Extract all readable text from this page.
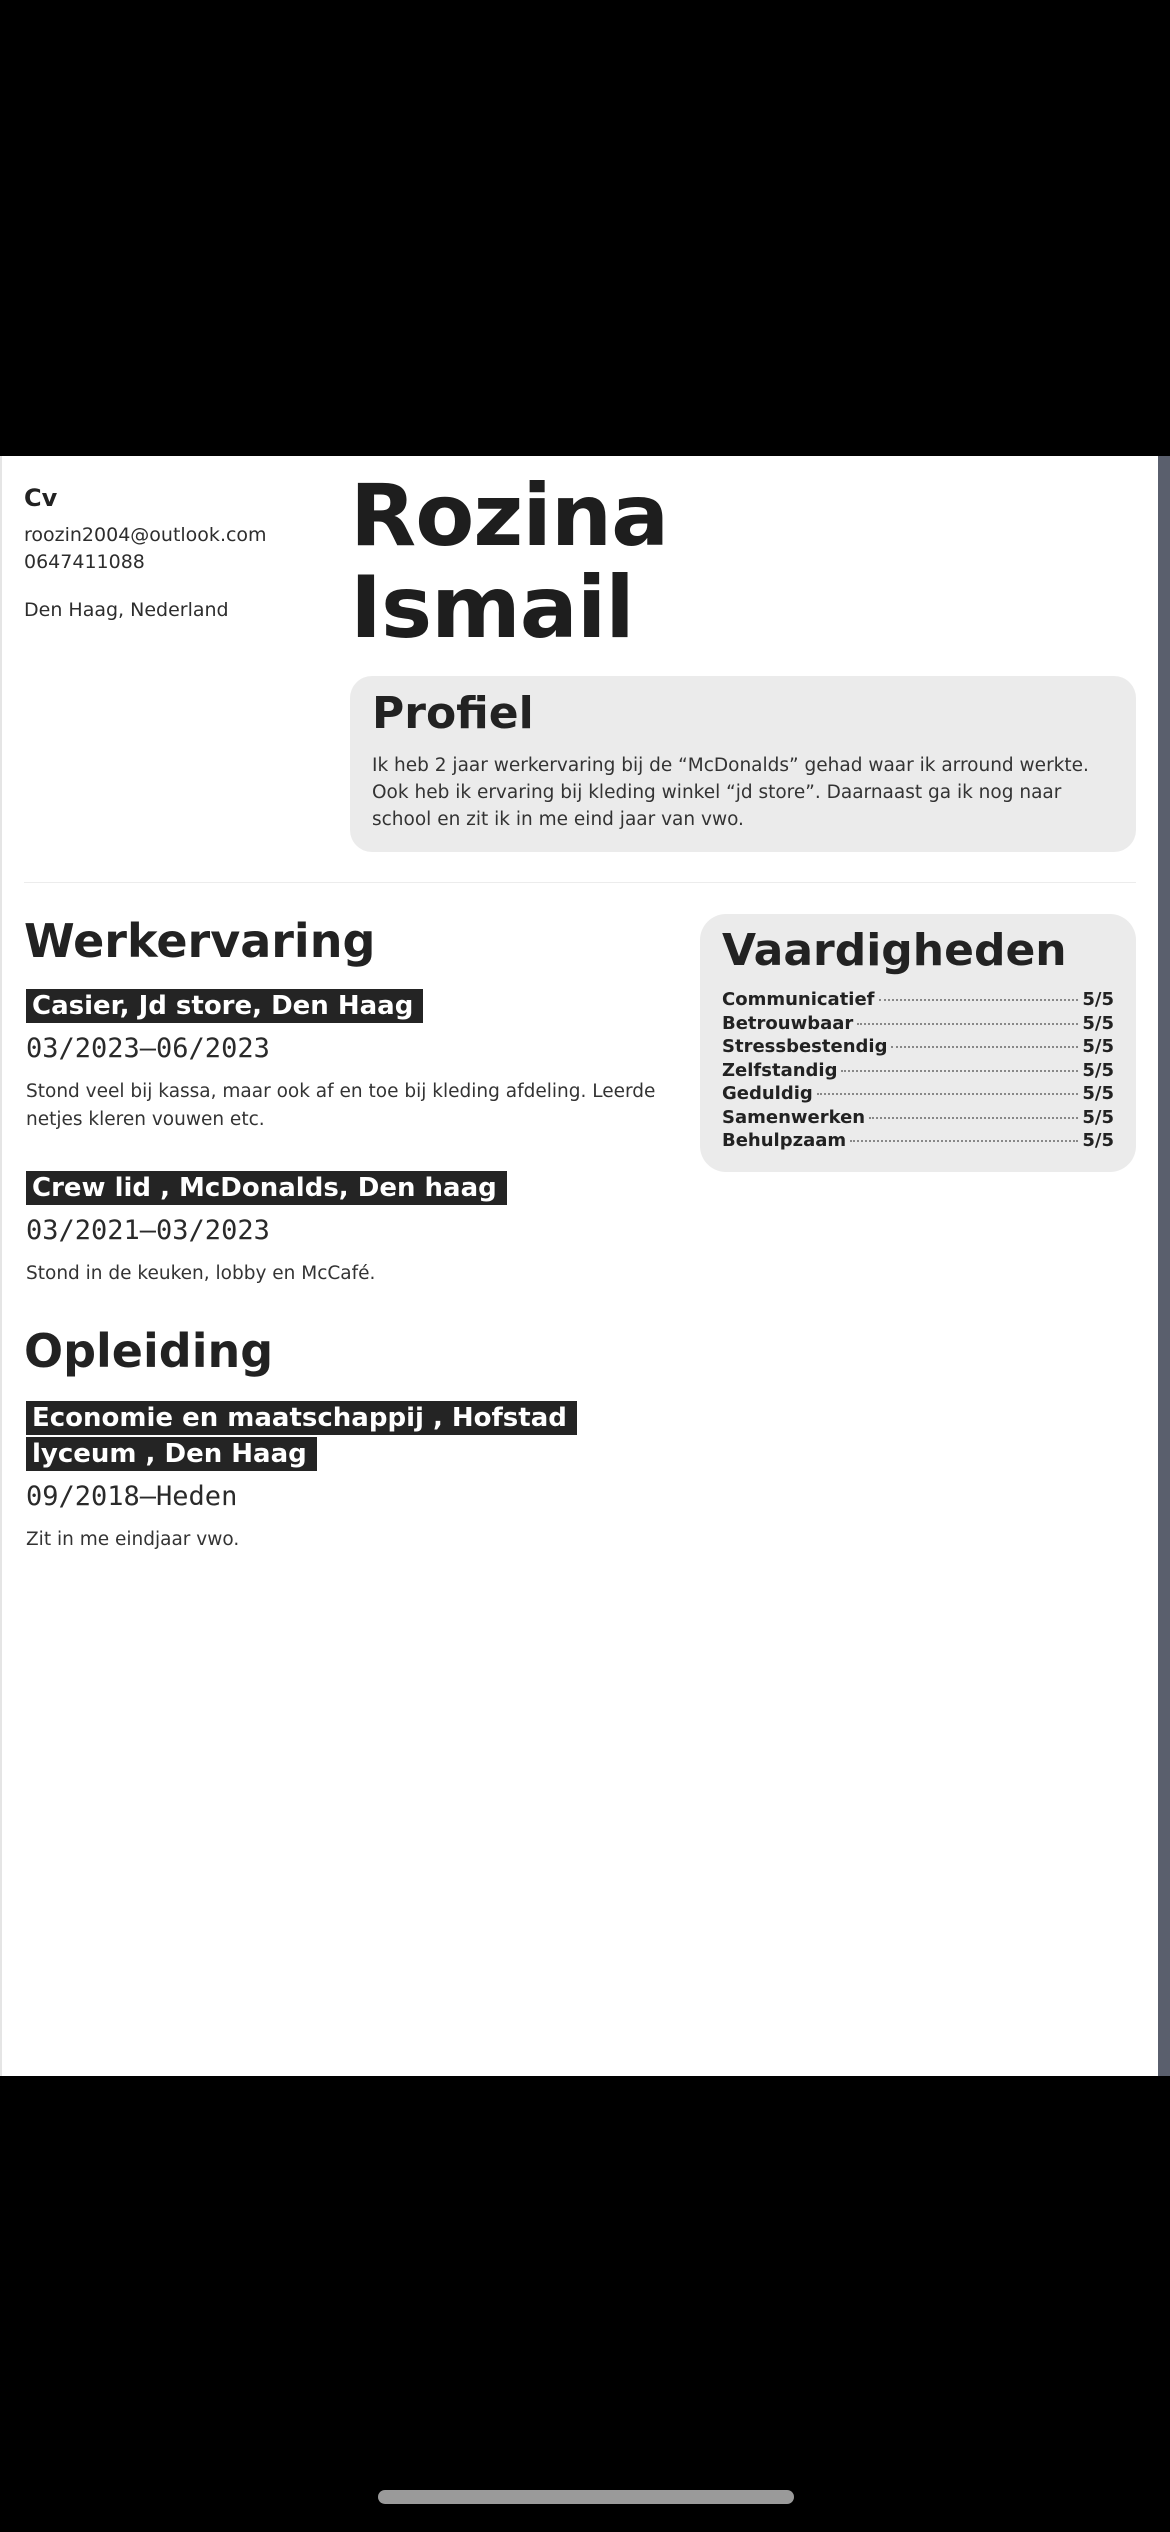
Cv
roozin2004@outlook.com
0647411088
Den Haag, Nederland
Rozina
Ismail
Profiel

Ik heb 2 jaar werkervaring bij de “McDonalds” gehad waar ik arround werkte. Ook heb ik ervaring bij kleding winkel “jd store”. Daarnaast ga ik nog naar school en zit ik in me eind jaar van vwo.

Werkervaring
Casier, Jd store, Den Haag
03/2023—06/2023
Stond veel bij kassa, maar ook af en toe bij kleding afdeling. Leerde netjes kleren vouwen etc.
Crew lid , McDonalds, Den haag
03/2021—03/2023
Stond in de keuken, lobby en McCafé.
Opleiding
Economie en maatschappij , Hofstad lyceum , Den Haag
09/2018—Heden
Zit in me eindjaar vwo.
Vaardigheden
Communicatief	5/5
Betrouwbaar	5/5
Stressbestendig	5/5
Zelfstandig	5/5
Geduldig	5/5
Samenwerken	5/5
Behulpzaam	5/5
